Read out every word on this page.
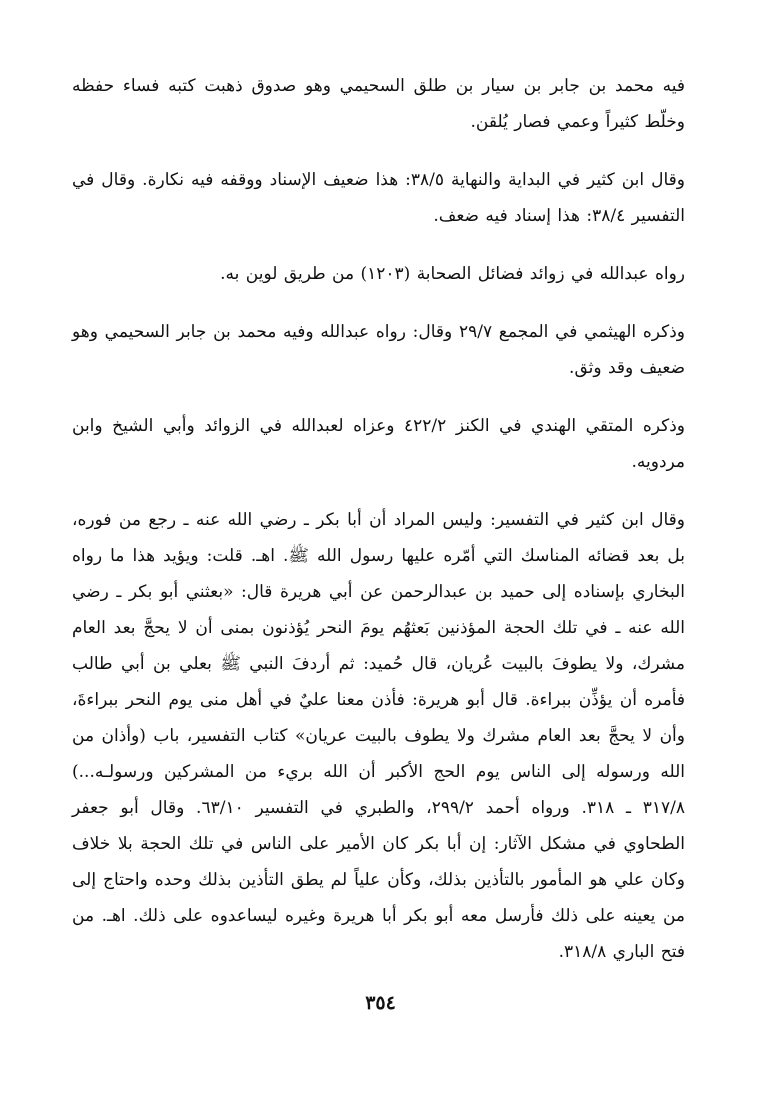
فيه محمد بن جابر بن سيار بن طلق السحيمي وهو صدوق ذهبت كتبه فساء حفظه وخلّط كثيراً وعمي فصار يُلقن.

وقال ابن كثير في البداية والنهاية ٣٨/٥: هذا ضعيف الإسناد ووقفه فيه نكارة. وقال في التفسير ٣٨/٤: هذا إسناد فيه ضعف.

رواه عبدالله في زوائد فضائل الصحابة (١٢٠٣) من طريق لوين به.

وذكره الهيثمي في المجمع ٢٩/٧ وقال: رواه عبدالله وفيه محمد بن جابر السحيمي وهو ضعيف وقد وثق.

وذكره المتقي الهندي في الكنز ٤٢٢/٢ وعزاه لعبدالله في الزوائد وأبي الشيخ وابن مردويه.

وقال ابن كثير في التفسير: وليس المراد أن أبا بكر ـ رضي الله عنه ـ رجع من فوره، بل بعد قضائه المناسك التي أمّره عليها رسول الله ﷺ. اهـ. قلت: ويؤيد هذا ما رواه البخاري بإسناده إلى حميد بن عبدالرحمن عن أبي هريرة قال: «بعثني أبو بكر ـ رضي الله عنه ـ في تلك الحجة المؤذنين بَعثهُم يومَ النحر يُؤذنون بمنى أن لا يحجَّ بعد العام مشرك، ولا يطوفَ بالبيت عُريان، قال حُميد: ثم أردفَ النبي ﷺ بعلي بن أبي طالب فأمره أن يؤذِّن ببراءة. قال أبو هريرة: فأذن معنا عليٌ في أهل منى يوم النحر ببراءةَ، وأن لا يحجَّ بعد العام مشرك ولا يطوف بالبيت عريان» كتاب التفسير، باب (وأذان من الله ورسوله إلى الناس يوم الحج الأكبر أن الله بريء من المشركين ورسولـه...) ٣١٧/٨ ـ ٣١٨. ورواه أحمد ٢٩٩/٢، والطبري في التفسير ٦٣/١٠. وقال أبو جعفر الطحاوي في مشكل الآثار: إن أبا بكر كان الأمير على الناس في تلك الحجة بلا خلاف وكان علي هو المأمور بالتأذين بذلك، وكأن علياً لم يطق التأذين بذلك وحده واحتاج إلى من يعينه على ذلك فأرسل معه أبو بكر أبا هريرة وغيره ليساعدوه على ذلك. اهـ. من فتح الباري ٣١٨/٨.

٣٥٤
